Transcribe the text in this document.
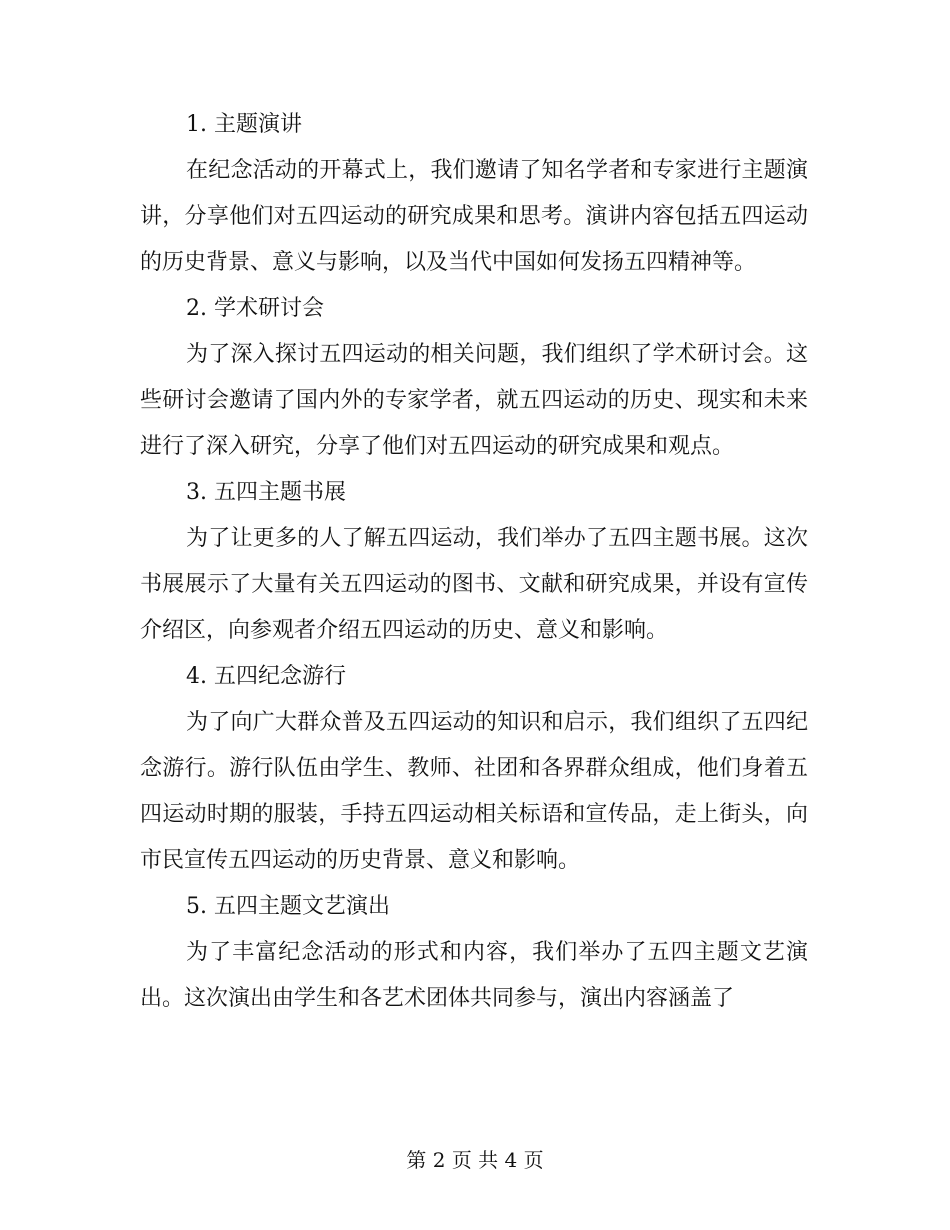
1. 主题演讲

在纪念活动的开幕式上，我们邀请了知名学者和专家进行主题演讲，分享他们对五四运动的研究成果和思考。演讲内容包括五四运动的历史背景、意义与影响，以及当代中国如何发扬五四精神等。

2. 学术研讨会

为了深入探讨五四运动的相关问题，我们组织了学术研讨会。这些研讨会邀请了国内外的专家学者，就五四运动的历史、现实和未来进行了深入研究，分享了他们对五四运动的研究成果和观点。

3. 五四主题书展

为了让更多的人了解五四运动，我们举办了五四主题书展。这次书展展示了大量有关五四运动的图书、文献和研究成果，并设有宣传介绍区，向参观者介绍五四运动的历史、意义和影响。

4. 五四纪念游行

为了向广大群众普及五四运动的知识和启示，我们组织了五四纪念游行。游行队伍由学生、教师、社团和各界群众组成，他们身着五四运动时期的服装，手持五四运动相关标语和宣传品，走上街头，向市民宣传五四运动的历史背景、意义和影响。

5. 五四主题文艺演出

为了丰富纪念活动的形式和内容，我们举办了五四主题文艺演出。这次演出由学生和各艺术团体共同参与，演出内容涵盖了

第 2 页 共 4 页
